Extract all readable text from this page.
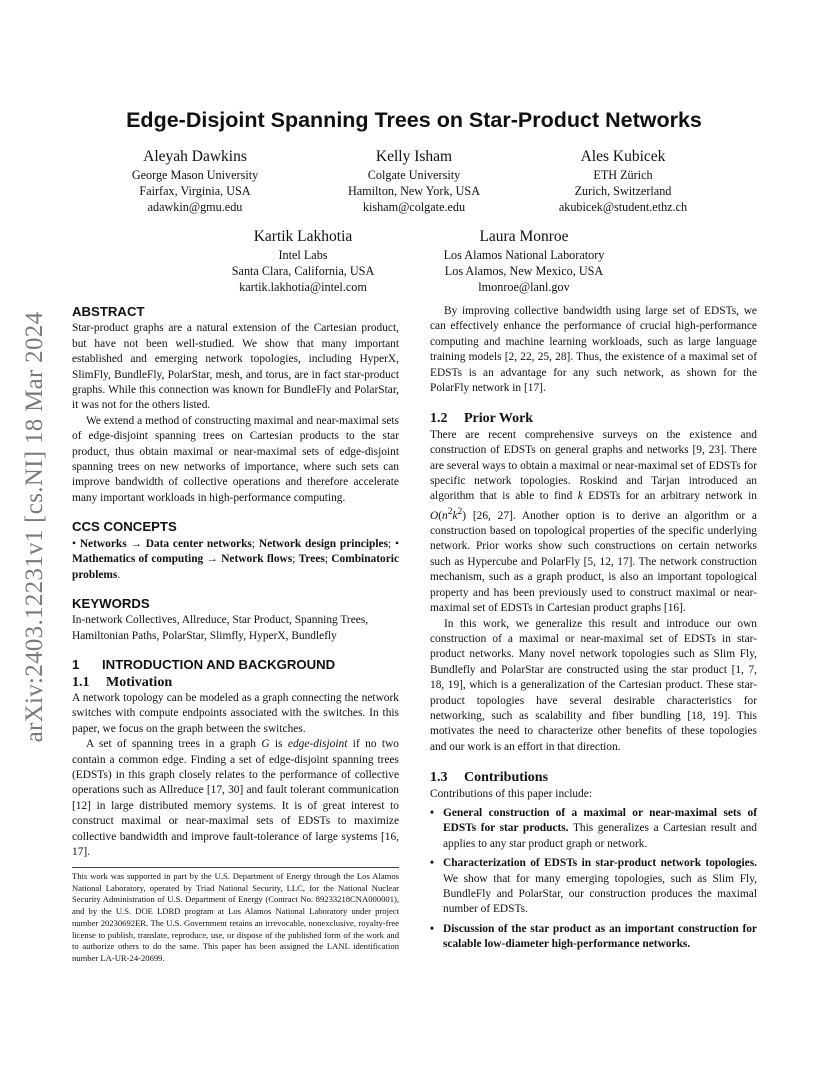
arXiv:2403.12231v1 [cs.NI] 18 Mar 2024
Edge-Disjoint Spanning Trees on Star-Product Networks
Aleyah Dawkins
George Mason University
Fairfax, Virginia, USA
adawkin@gmu.edu
Kelly Isham
Colgate University
Hamilton, New York, USA
kisham@colgate.edu
Ales Kubicek
ETH Zürich
Zurich, Switzerland
akubicek@student.ethz.ch
Kartik Lakhotia
Intel Labs
Santa Clara, California, USA
kartik.lakhotia@intel.com
Laura Monroe
Los Alamos National Laboratory
Los Alamos, New Mexico, USA
lmonroe@lanl.gov
ABSTRACT

Star-product graphs are a natural extension of the Cartesian product, but have not been well-studied. We show that many important established and emerging network topologies, including HyperX, SlimFly, BundleFly, PolarStar, mesh, and torus, are in fact star-product graphs. While this connection was known for BundleFly and PolarStar, it was not for the others listed.

We extend a method of constructing maximal and near-maximal sets of edge-disjoint spanning trees on Cartesian products to the star product, thus obtain maximal or near-maximal sets of edge-disjoint spanning trees on new networks of importance, where such sets can improve bandwidth of collective operations and therefore accelerate many important workloads in high-performance computing.

CCS CONCEPTS

• Networks → Data center networks; Network design principles; • Mathematics of computing → Network flows; Trees; Combinatoric problems.

KEYWORDS

In-network Collectives, Allreduce, Star Product, Spanning Trees, Hamiltonian Paths, PolarStar, Slimfly, HyperX, Bundlefly

1 INTRODUCTION AND BACKGROUND
1.1 Motivation

A network topology can be modeled as a graph connecting the network switches with compute endpoints associated with the switches. In this paper, we focus on the graph between the switches.

A set of spanning trees in a graph G is edge-disjoint if no two contain a common edge. Finding a set of edge-disjoint spanning trees (EDSTs) in this graph closely relates to the performance of collective operations such as Allreduce [17, 30] and fault tolerant communication [12] in large distributed memory systems. It is of great interest to construct maximal or near-maximal sets of EDSTs to maximize collective bandwidth and improve fault-tolerance of large systems [16, 17].

This work was supported in part by the U.S. Department of Energy through the Los Alamos National Laboratory, operated by Triad National Security, LLC, for the National Nuclear Security Administration of U.S. Department of Energy (Contract No. 89233218CNA000001), and by the U.S. DOE LDRD program at Los Alamos National Laboratory under project number 20230692ER. The U.S. Government retains an irrevocable, nonexclusive, royalty-free license to publish, translate, reproduce, use, or dispose of the published form of the work and to authorize others to do the same. This paper has been assigned the LANL identification number LA-UR-24-20699.

By improving collective bandwidth using large set of EDSTs, we can effectively enhance the performance of crucial high-performance computing and machine learning workloads, such as large language training models [2, 22, 25, 28]. Thus, the existence of a maximal set of EDSTs is an advantage for any such network, as shown for the PolarFly network in [17].

1.2 Prior Work

There are recent comprehensive surveys on the existence and construction of EDSTs on general graphs and networks [9, 23]. There are several ways to obtain a maximal or near-maximal set of EDSTs for specific network topologies. Roskind and Tarjan introduced an algorithm that is able to find k EDSTs for an arbitrary network in $O(n^2k^2)$ [26, 27]. Another option is to derive an algorithm or a construction based on topological properties of the specific underlying network. Prior works show such constructions on certain networks such as Hypercube and PolarFly [5, 12, 17]. The network construction mechanism, such as a graph product, is also an important topological property and has been previously used to construct maximal or near-maximal set of EDSTs in Cartesian product graphs [16].

In this work, we generalize this result and introduce our own construction of a maximal or near-maximal set of EDSTs in star-product networks. Many novel network topologies such as Slim Fly, Bundlefly and PolarStar are constructed using the star product [1, 7, 18, 19], which is a generalization of the Cartesian product. These star-product topologies have several desirable characteristics for networking, such as scalability and fiber bundling [18, 19]. This motivates the need to characterize other benefits of these topologies and our work is an effort in that direction.

1.3 Contributions

Contributions of this paper include:

• General construction of a maximal or near-maximal sets of EDSTs for star products. This generalizes a Cartesian result and applies to any star product graph or network.
• Characterization of EDSTs in star-product network topologies. We show that for many emerging topologies, such as Slim Fly, BundleFly and PolarStar, our construction produces the maximal number of EDSTs.
• Discussion of the star product as an important construction for scalable low-diameter high-performance networks.
